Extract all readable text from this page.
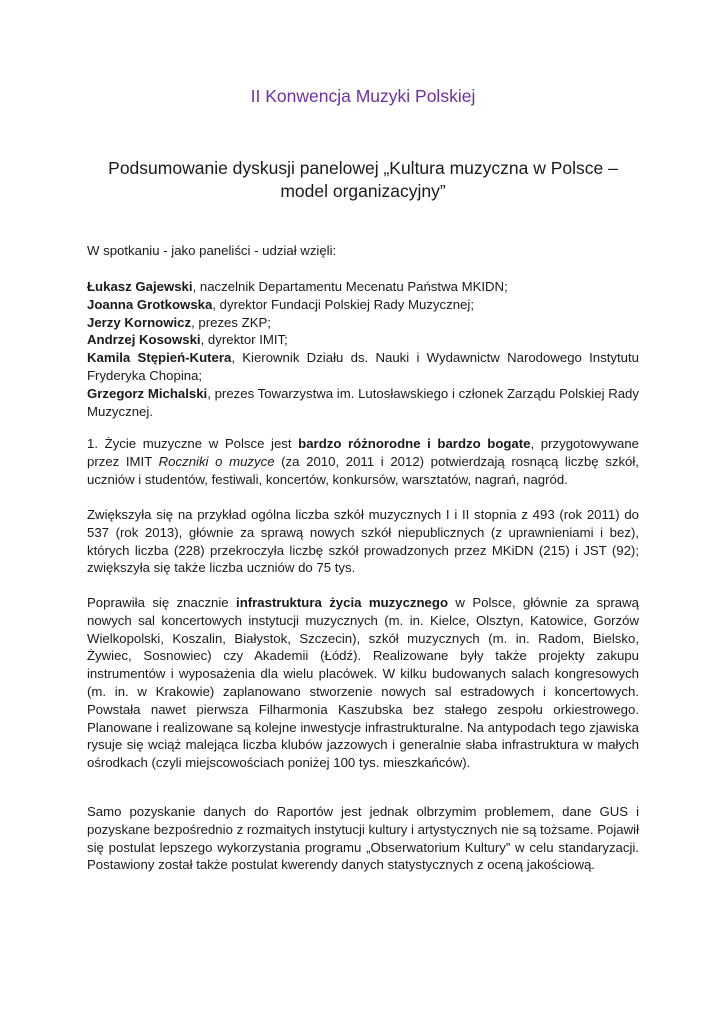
II Konwencja Muzyki Polskiej
Podsumowanie dyskusji panelowej „Kultura muzyczna w Polsce – model organizacyjny”

W spotkaniu - jako paneliści - udział wzięli:

Łukasz Gajewski, naczelnik Departamentu Mecenatu Państwa MKIDN;
Joanna Grotkowska, dyrektor Fundacji Polskiej Rady Muzycznej;
Jerzy Kornowicz, prezes ZKP;
Andrzej Kosowski, dyrektor IMIT;
Kamila Stępień-Kutera, Kierownik Działu ds. Nauki i Wydawnictw Narodowego Instytutu Fryderyka Chopina;
Grzegorz Michalski, prezes Towarzystwa im. Lutosławskiego i członek Zarządu Polskiej Rady Muzycznej.

1. Życie muzyczne w Polsce jest bardzo różnorodne i bardzo bogate, przygotowywane przez IMIT Roczniki o muzyce (za 2010, 2011 i 2012) potwierdzają rosnącą liczbę szkół, uczniów i studentów, festiwali, koncertów, konkursów, warsztatów, nagrań, nagród.

Zwiększyła się na przykład ogólna liczba szkół muzycznych I i II stopnia z 493 (rok 2011) do 537 (rok 2013), głównie za sprawą nowych szkół niepublicznych (z uprawnieniami i bez), których liczba (228) przekroczyła liczbę szkół prowadzonych przez MKiDN (215) i JST (92); zwiększyła się także liczba uczniów do 75 tys.

Poprawiła się znacznie infrastruktura życia muzycznego w Polsce, głównie za sprawą nowych sal koncertowych instytucji muzycznych (m. in. Kielce, Olsztyn, Katowice, Gorzów Wielkopolski, Koszalin, Białystok, Szczecin), szkół muzycznych (m. in. Radom, Bielsko, Żywiec, Sosnowiec) czy Akademii (Łódź). Realizowane były także projekty zakupu instrumentów i wyposażenia dla wielu placówek. W kilku budowanych salach kongresowych (m. in. w Krakowie) zaplanowano stworzenie nowych sal estradowych i koncertowych. Powstała nawet pierwsza Filharmonia Kaszubska bez stałego zespołu orkiestrowego. Planowane i realizowane są kolejne inwestycje infrastrukturalne. Na antypodach tego zjawiska rysuje się wciąż malejąca liczba klubów jazzowych i generalnie słaba infrastruktura w małych ośrodkach (czyli miejscowościach poniżej 100 tys. mieszkańców).

Samo pozyskanie danych do Raportów jest jednak olbrzymim problemem, dane GUS i pozyskane bezpośrednio z rozmaitych instytucji kultury i artystycznych nie są tożsame. Pojawił się postulat lepszego wykorzystania programu „Obserwatorium Kultury” w celu standaryzacji. Postawiony został także postulat kwerendy danych statystycznych z oceną jakościową.
